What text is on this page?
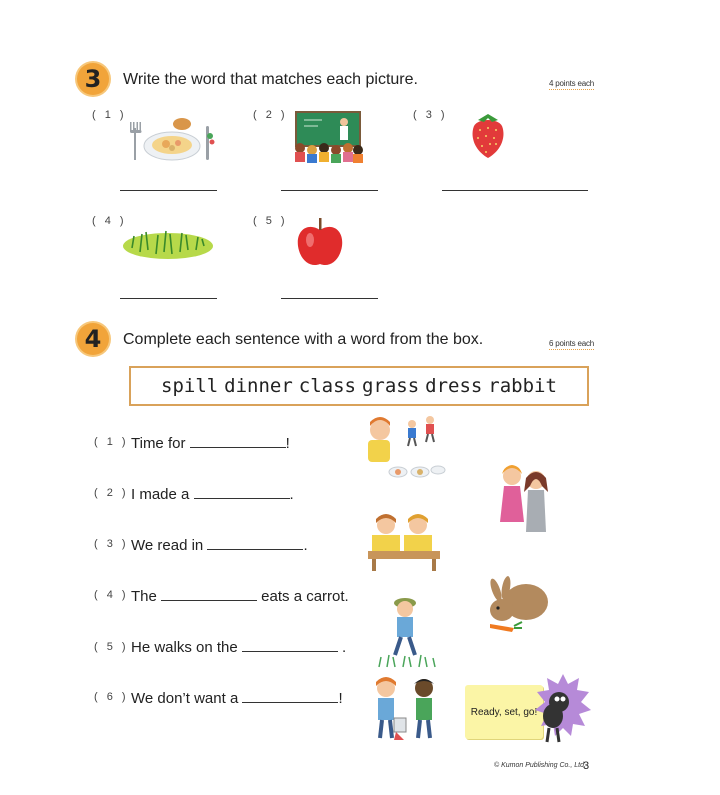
3	Write the word that matches each picture.	4 points each
( 1 )	( 2 )	( 3 )
( 4 )	( 5 )
4	Complete each sentence with a word from the box.	6 points each
spill dinner class grass dress rabbit
( 1 ) Time for	!
( 2 ) I made a	.
( 3 ) We read in	.
( 4 ) The	eats a carrot.
( 5 ) He walks on the	.
( 6 ) We don’t want a	!
Ready, set, go!
© Kumon Publishing Co., Ltd.
3
